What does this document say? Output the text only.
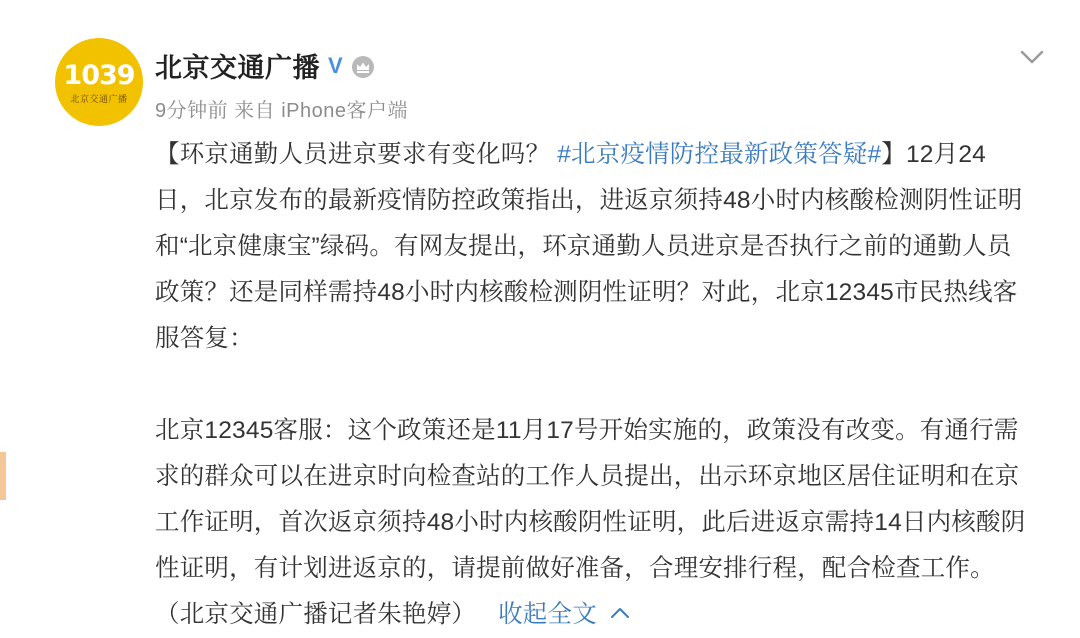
1039
北京交通广播
北京交通广播 V
9分钟前 来自 iPhone客户端

【环京通勤人员进京要求有变化吗？ #北京疫情防控最新政策答疑#】12月24日，北京发布的最新疫情防控政策指出，进返京须持48小时内核酸检测阴性证明和“北京健康宝”绿码。有网友提出，环京通勤人员进京是否执行之前的通勤人员政策？还是同样需持48小时内核酸检测阴性证明？对此，北京12345市民热线客服答复：

北京12345客服：这个政策还是11月17号开始实施的，政策没有改变。有通行需求的群众可以在进京时向检查站的工作人员提出，出示环京地区居住证明和在京工作证明，首次返京须持48小时内核酸阴性证明，此后进返京需持14日内核酸阴性证明，有计划进返京的，请提前做好准备，合理安排行程，配合检查工作。

（北京交通广播记者朱艳婷） 收起全文
